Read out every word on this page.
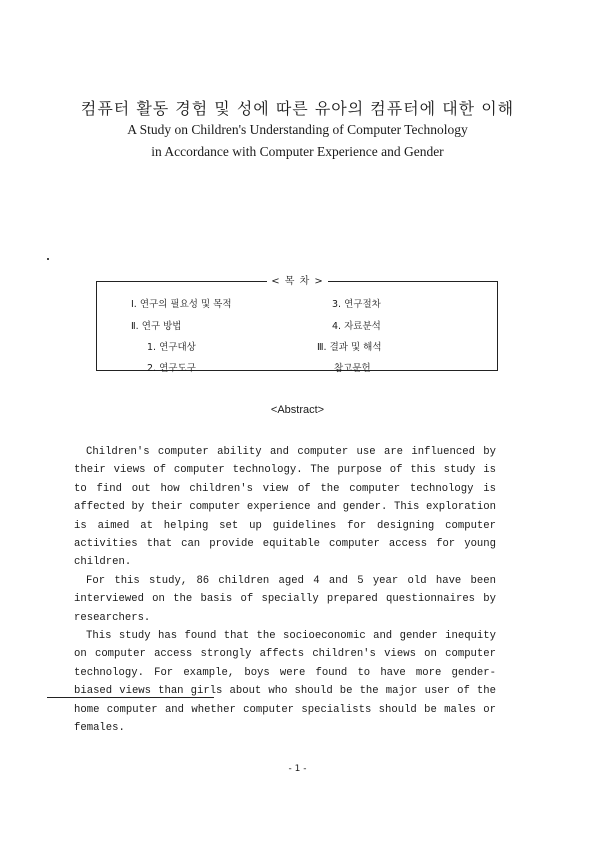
컴퓨터 활동 경험 및 성에 따른 유아의 컴퓨터에 대한 이해
A Study on Children's Understanding of Computer Technology
in Accordance with Computer Experience and Gender
< 목 차 >
Ⅰ. 연구의 필요성 및 목적
Ⅱ. 연구 방법
1. 연구대상
2. 연구도구
3. 연구절차
4. 자료분석
Ⅲ. 결과 및 해석
참고문헌
<Abstract>

Children's computer ability and computer use are influenced by their views of computer technology. The purpose of this study is to find out how children's view of the computer technology is affected by their computer experience and gender. This exploration is aimed at helping set up guidelines for designing computer activities that can provide equitable computer access for young children.

For this study, 86 children aged 4 and 5 year old have been interviewed on the basis of specially prepared questionnaires by researchers.

This study has found that the socioeconomic and gender inequity on computer access strongly affects children's views on computer technology. For example, boys were found to have more gender-biased views than girls about who should be the major user of the home computer and whether computer specialists should be males or females.

- 1 -
